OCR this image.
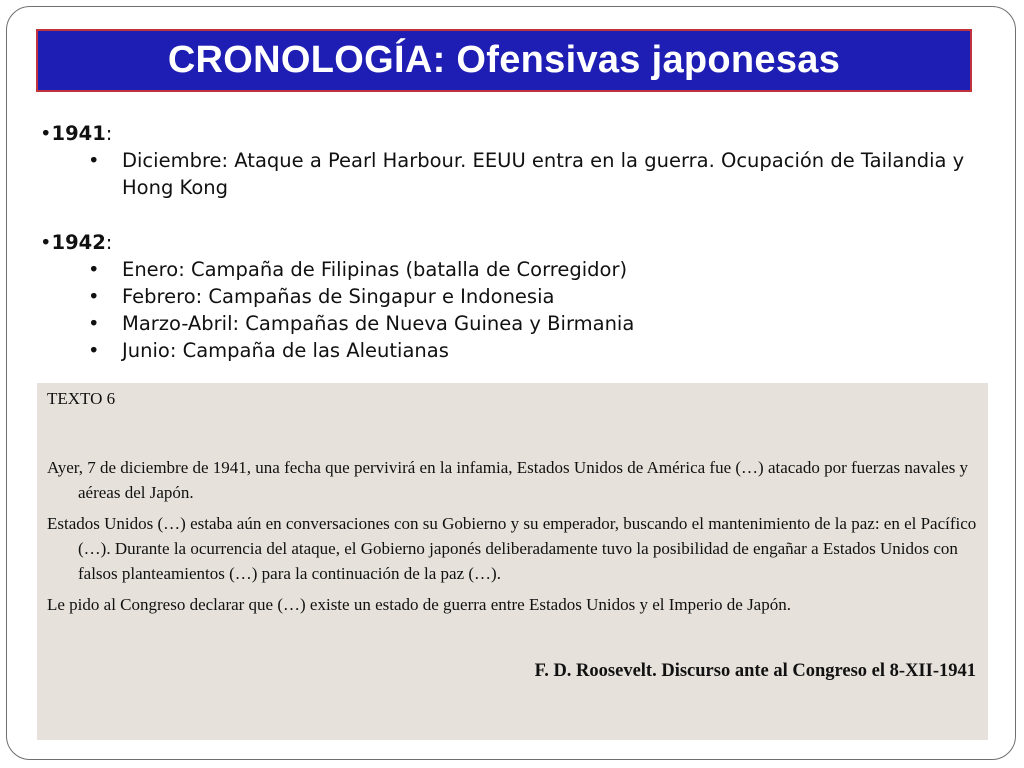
CRONOLOGÍA: Ofensivas japonesas
•1941:
• Diciembre: Ataque a Pearl Harbour. EEUU entra en la guerra. Ocupación de Tailandia y Hong Kong
•1942:
• Enero: Campaña de Filipinas (batalla de Corregidor)
• Febrero: Campañas de Singapur e Indonesia
• Marzo-Abril: Campañas de Nueva Guinea y Birmania
• Junio: Campaña de las Aleutianas
TEXTO 6

Ayer, 7 de diciembre de 1941, una fecha que pervivirá en la infamia, Estados Unidos de América fue (…) atacado por fuerzas navales y aéreas del Japón.

Estados Unidos (…) estaba aún en conversaciones con su Gobierno y su emperador, buscando el mantenimiento de la paz: en el Pacífico (…). Durante la ocurrencia del ataque, el Gobierno japonés deliberadamente tuvo la posibilidad de engañar a Estados Unidos con falsos planteamientos (…) para la continuación de la paz (…).

Le pido al Congreso declarar que (…) existe un estado de guerra entre Estados Unidos y el Imperio de Japón.

F. D. Roosevelt. Discurso ante al Congreso el 8-XII-1941
